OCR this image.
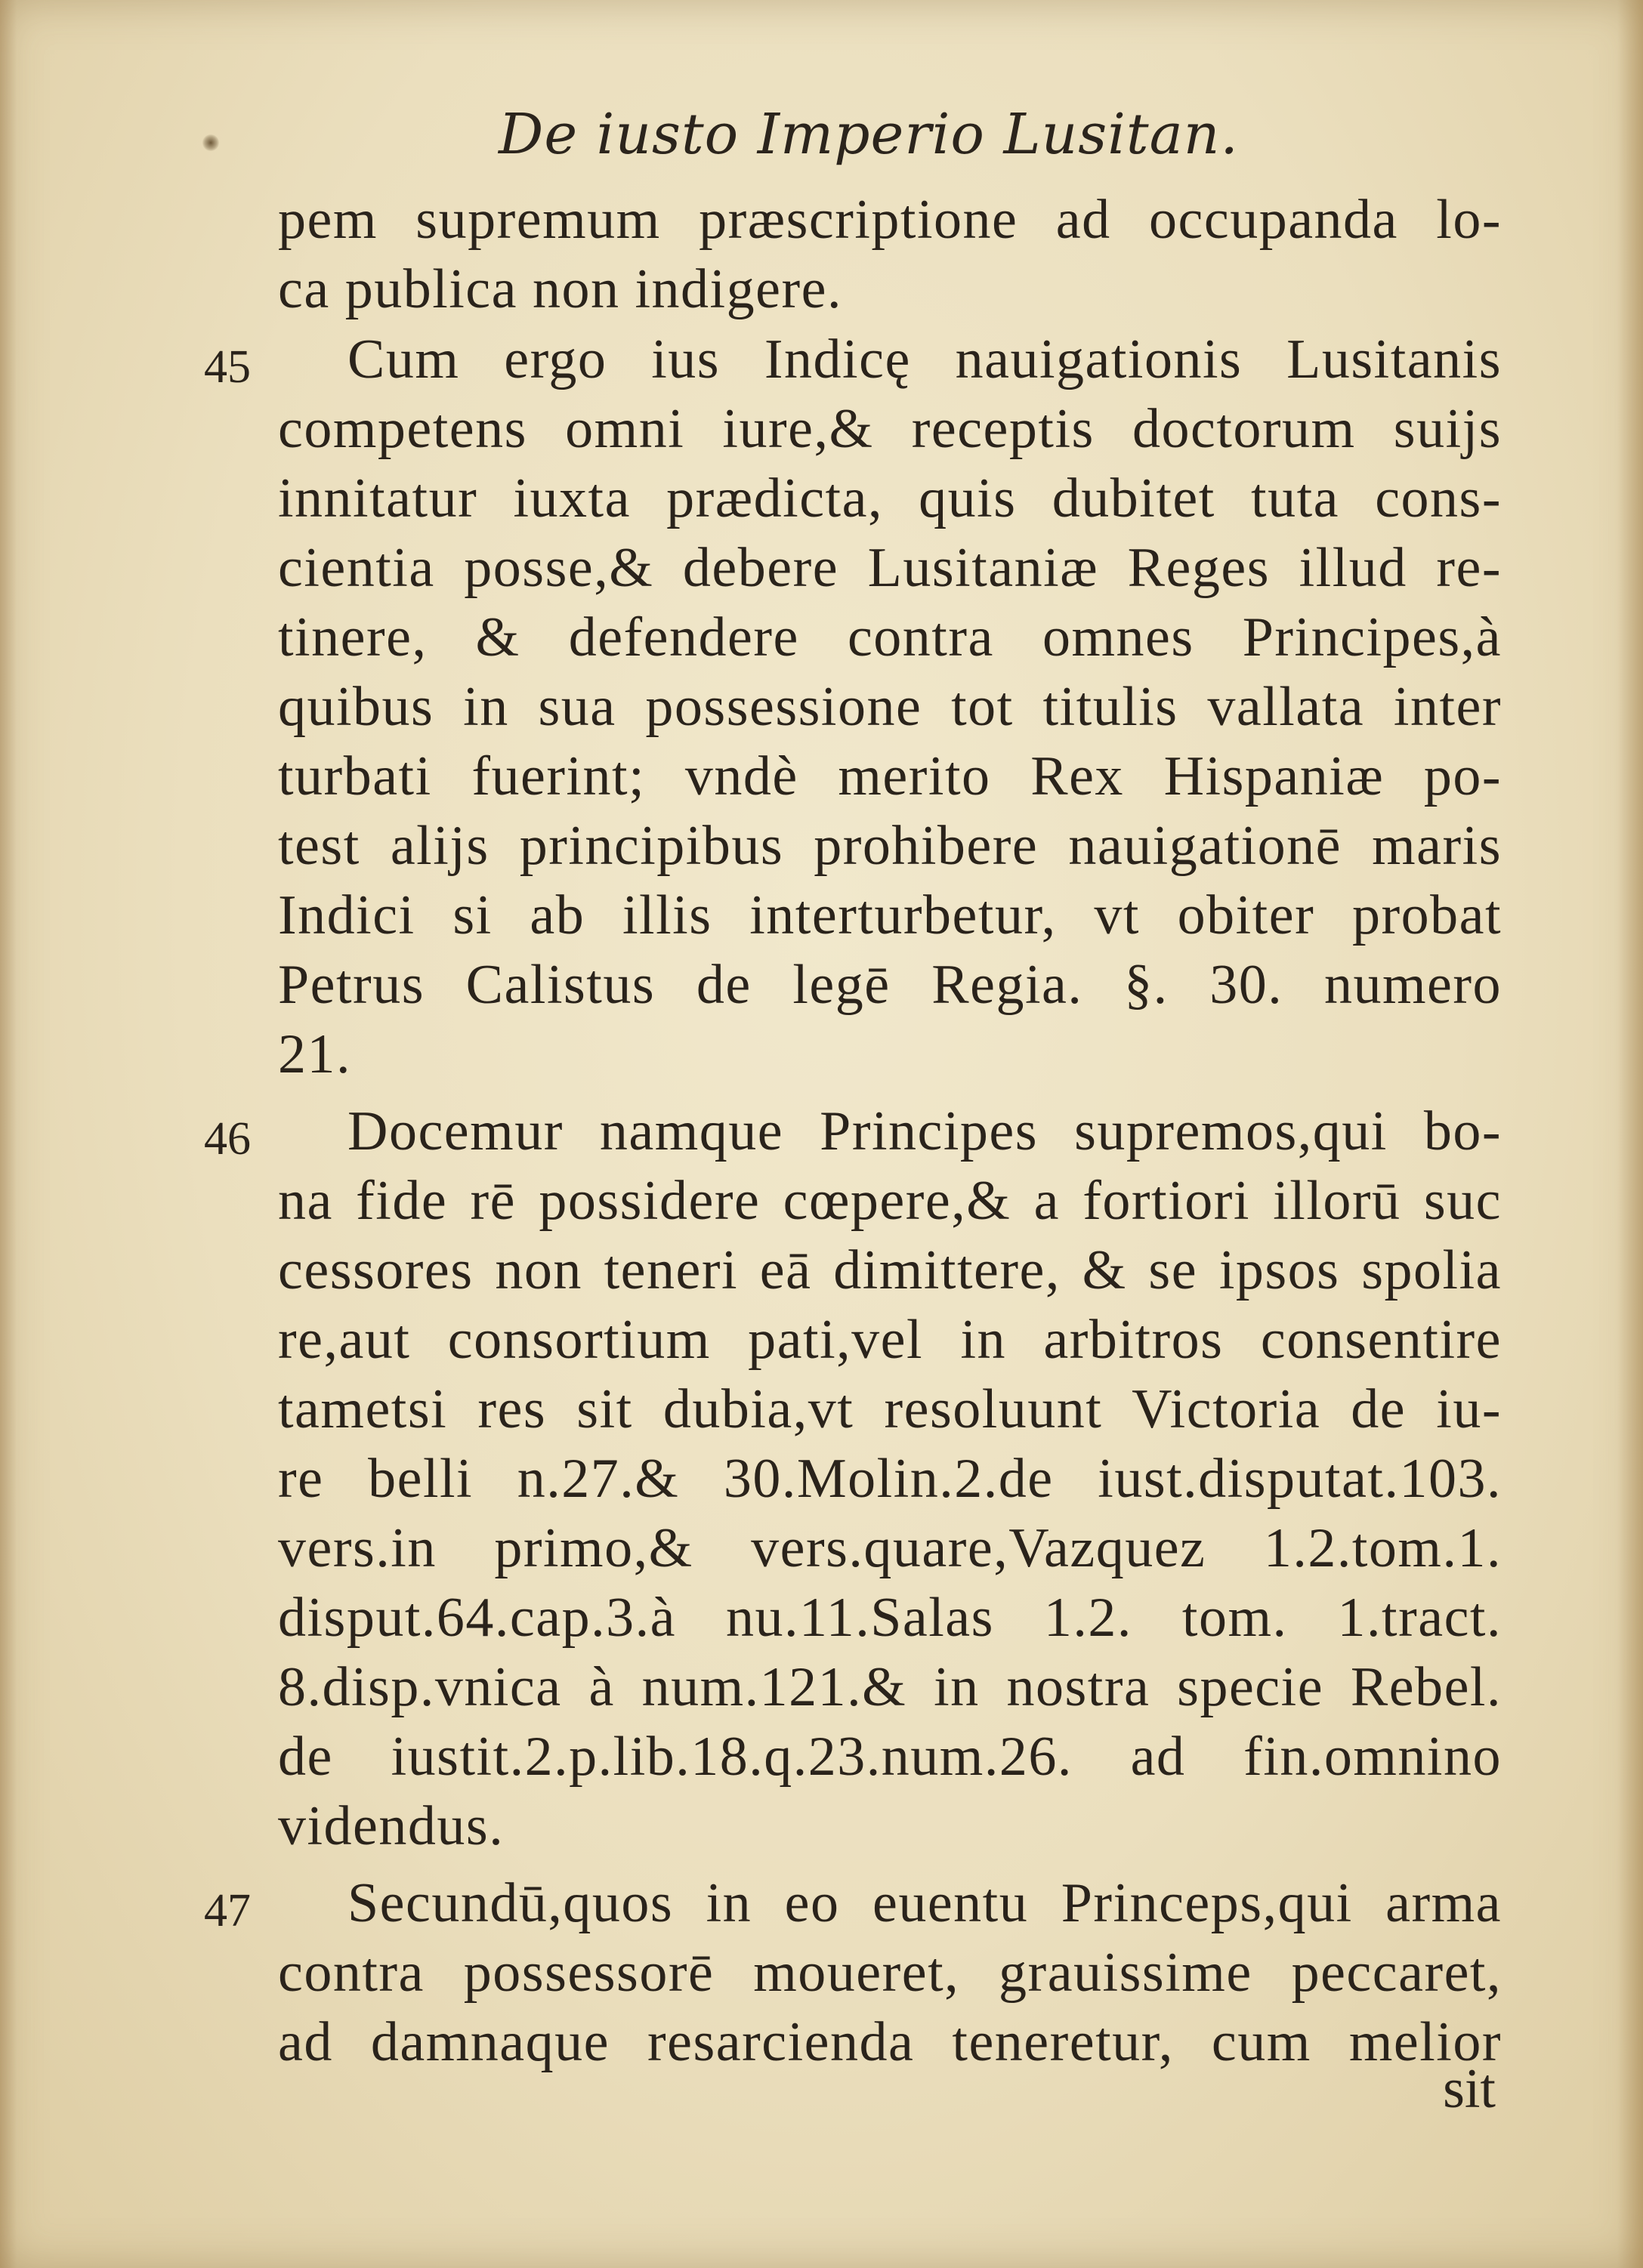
De iusto Imperio Lusitan.
pem supremum præscriptione ad occupanda lo-
ca publica non indigere.
45	Cum ergo ius Indicę nauigationis Lusitanis
competens omni iure,& receptis doctorum suijs
innitatur iuxta prædicta, quis dubitet tuta cons-
cientia posse,& debere Lusitaniæ Reges illud re-
tinere, & defendere contra omnes Principes,à
quibus in sua possessione tot titulis vallata inter
turbati fuerint; vndè merito Rex Hispaniæ po-
test alijs principibus prohibere nauigationē maris
Indici si ab illis interturbetur, vt obiter probat
Petrus Calistus de legē Regia. §. 30. numero
21.
46	Docemur namque Principes supremos,qui bo-
na fide rē possidere cœpere,& a fortiori illorū suc
cessores non teneri eā dimittere, & se ipsos spolia
re,aut consortium pati,vel in arbitros consentire
tametsi res sit dubia,vt resoluunt Victoria de iu-
re belli n.27.& 30.Molin.2.de iust.disputat.103.
vers.in primo,& vers.quare,Vazquez 1.2.tom.1.
disput.64.cap.3.à nu.11.Salas 1.2. tom. 1.tract.
8.disp.vnica à num.121.& in nostra specie Rebel.
de iustit.2.p.lib.18.q.23.num.26. ad fin.omnino
videndus.
47	Secundū,quos in eo euentu Princeps,qui arma
contra possessorē moueret, grauissime peccaret,
ad damnaque resarcienda teneretur, cum melior
sit
